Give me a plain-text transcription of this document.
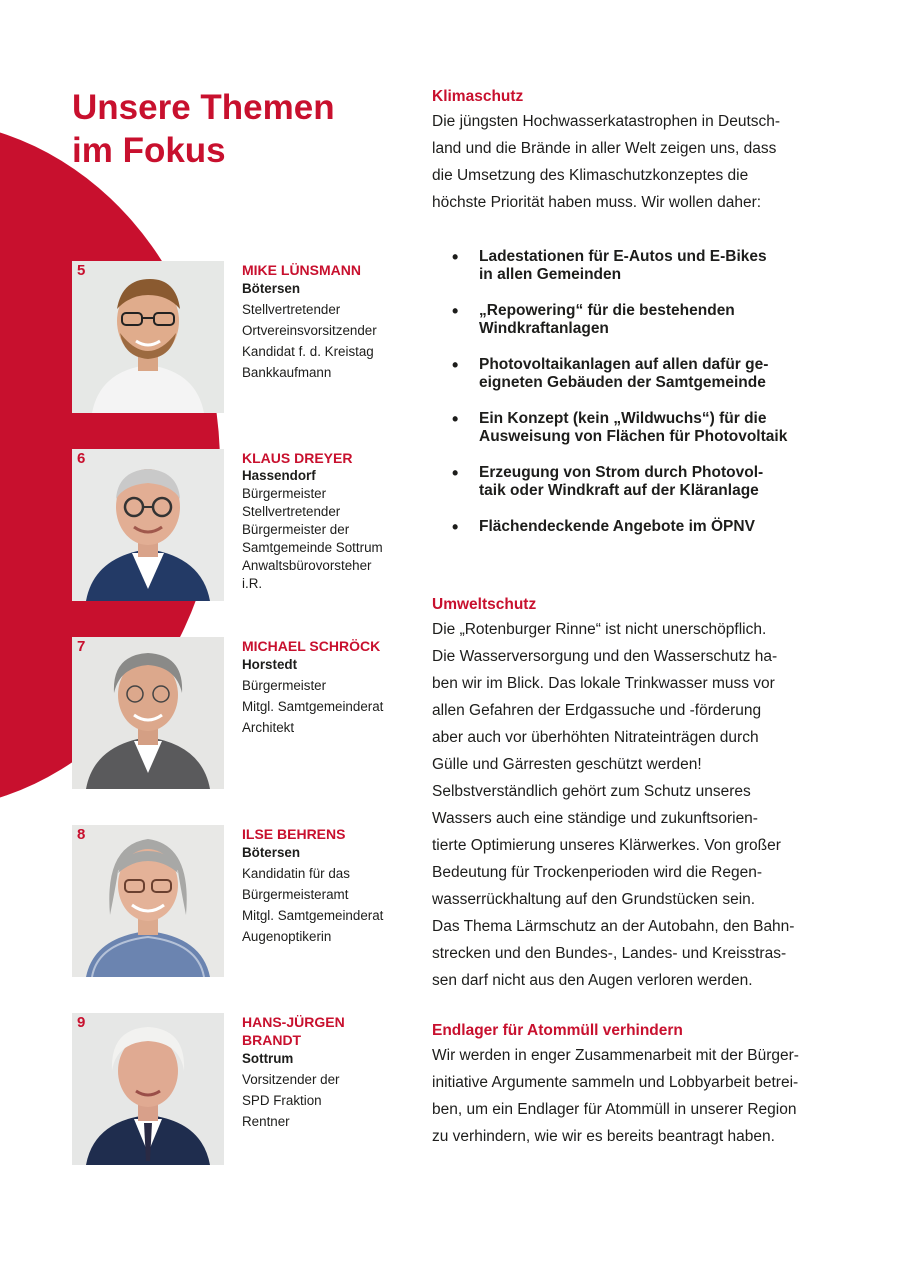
Unsere Themen
im Fokus
5	MIKE LÜNSMANN
Bötersen
Stellvertretender
Ortvereinsvorsitzender
Kandidat f. d. Kreistag
Bankkaufmann
6	KLAUS DREYER
Hassendorf
Bürgermeister
Stellvertretender
Bürgermeister der
Samtgemeinde Sottrum
Anwaltsbürovorsteher
i.R.
7	MICHAEL SCHRÖCK
Horstedt
Bürgermeister
Mitgl. Samtgemeinderat
Architekt
8	ILSE BEHRENS
Bötersen
Kandidatin für das
Bürgermeisteramt
Mitgl. Samtgemeinderat
Augenoptikerin
9	HANS-JÜRGEN
BRANDT
Sottrum
Vorsitzender der
SPD Fraktion
Rentner
Klimaschutz
Die jüngsten Hochwasserkatastrophen in Deutsch-
land und die Brände in aller Welt zeigen uns, dass
die Umsetzung des Klimaschutzkonzeptes die
höchste Priorität haben muss. Wir wollen daher:
• Ladestationen für E-Autos und E-Bikes
in allen Gemeinden
• „Repowering“ für die bestehenden
Windkraftanlagen
• Photovoltaikanlagen auf allen dafür ge-
eigneten Gebäuden der Samtgemeinde
• Ein Konzept (kein „Wildwuchs“) für die
Ausweisung von Flächen für Photovoltaik
• Erzeugung von Strom durch Photovol-
taik oder Windkraft auf der Kläranlage
• Flächendeckende Angebote im ÖPNV
Umweltschutz
Die „Rotenburger Rinne“ ist nicht unerschöpflich.
Die Wasserversorgung und den Wasserschutz ha-
ben wir im Blick. Das lokale Trinkwasser muss vor
allen Gefahren der Erdgassuche und -förderung
aber auch vor überhöhten Nitrateinträgen durch
Gülle und Gärresten geschützt werden!
Selbstverständlich gehört zum Schutz unseres
Wassers auch eine ständige und zukunftsorien-
tierte Optimierung unseres Klärwerkes. Von großer
Bedeutung für Trockenperioden wird die Regen-
wasserrückhaltung auf den Grundstücken sein.
Das Thema Lärmschutz an der Autobahn, den Bahn-
strecken und den Bundes-, Landes- und Kreisstras-
sen darf nicht aus den Augen verloren werden.
Endlager für Atommüll verhindern
Wir werden in enger Zusammenarbeit mit der Bürger-
initiative Argumente sammeln und Lobbyarbeit betrei-
ben, um ein Endlager für Atommüll in unserer Region
zu verhindern, wie wir es bereits beantragt haben.
